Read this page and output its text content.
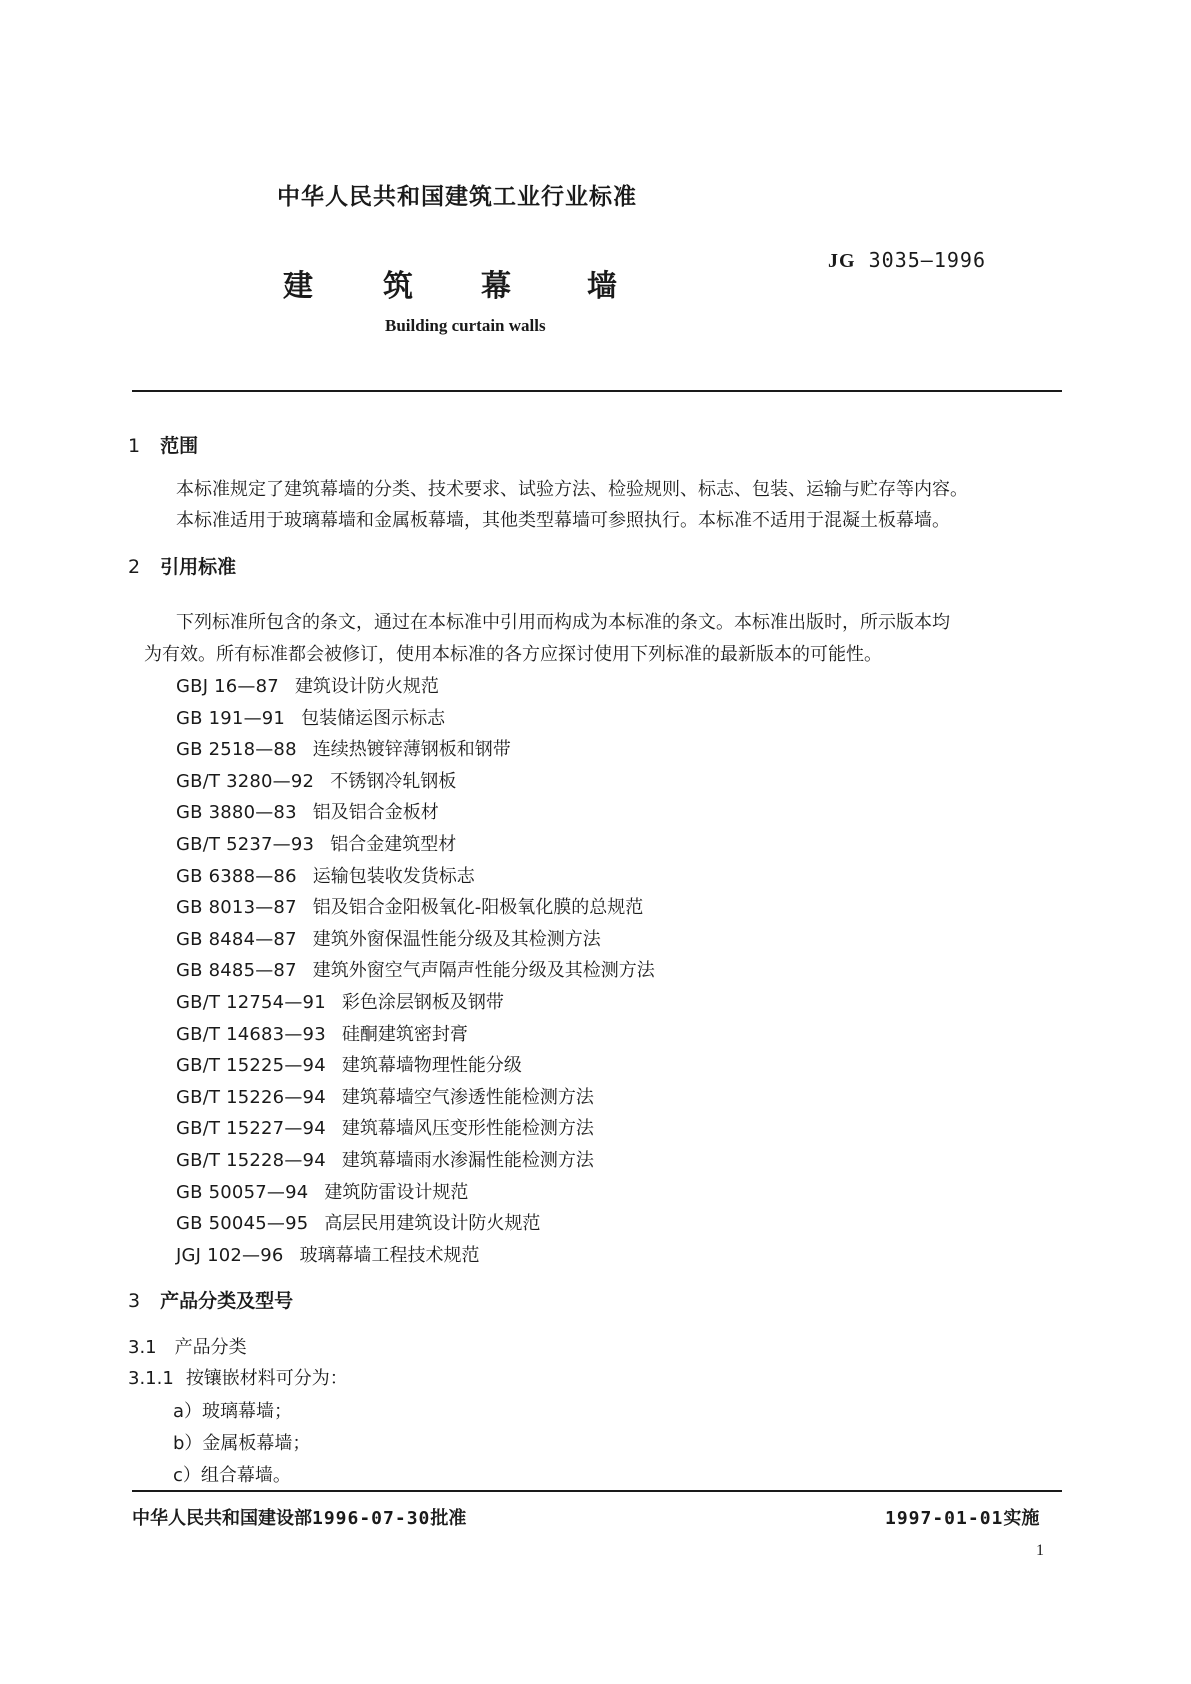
中华人民共和国建筑工业行业标准
建 筑 幕	墙
JG 3035—1996
Building curtain walls
1 范围
本标准规定了建筑幕墙的分类、技术要求、试验方法、检验规则、标志、包装、运输与贮存等内容。
本标准适用于玻璃幕墙和金属板幕墙，其他类型幕墙可参照执行。本标准不适用于混凝土板幕墙。
2 引用标准
下列标准所包含的条文，通过在本标准中引用而构成为本标准的条文。本标准出版时，所示版本均
为有效。所有标准都会被修订，使用本标准的各方应探讨使用下列标准的最新版本的可能性。
GBJ 16—87 建筑设计防火规范
GB 191—91 包装储运图示标志
GB 2518—88 连续热镀锌薄钢板和钢带
GB/T 3280—92 不锈钢冷轧钢板
GB 3880—83 铝及铝合金板材
GB/T 5237—93 铝合金建筑型材
GB 6388—86 运输包装收发货标志
GB 8013—87 铝及铝合金阳极氧化-阳极氧化膜的总规范
GB 8484—87 建筑外窗保温性能分级及其检测方法
GB 8485—87 建筑外窗空气声隔声性能分级及其检测方法
GB/T 12754—91 彩色涂层钢板及钢带
GB/T 14683—93 硅酮建筑密封膏
GB/T 15225—94 建筑幕墙物理性能分级
GB/T 15226—94 建筑幕墙空气渗透性能检测方法
GB/T 15227—94 建筑幕墙风压变形性能检测方法
GB/T 15228—94 建筑幕墙雨水渗漏性能检测方法
GB 50057—94 建筑防雷设计规范
GB 50045—95 高层民用建筑设计防火规范
JGJ 102—96 玻璃幕墙工程技术规范
3 产品分类及型号
3.1 产品分类
3.1.1 按镶嵌材料可分为：
a）玻璃幕墙；
b）金属板幕墙；
c）组合幕墙。
中华人民共和国建设部1996-07-30批准	1997-01-01实施
1
